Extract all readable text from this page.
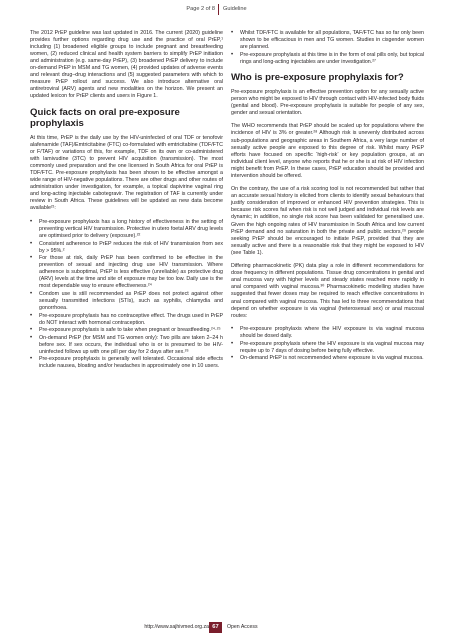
Page 2 of 8 Guideline

The 2012 PrEP guideline was last updated in 2016. The current (2020) guideline provides further options regarding drug use and the practice of oral PrEP,¹ including (1) broadened eligible groups to include pregnant and breastfeeding women, (2) reduced clinical and health system barriers to simplify PrEP initiation and administration (e.g. same-day PrEP), (3) broadened PrEP delivery to include on-demand PrEP in MSM and TG women, (4) provided updates of adverse events and relevant drug–drug interactions and (5) suggested parameters with which to measure PrEP rollout and success. We also introduce alternative oral antiretroviral (ARV) agents and new modalities on the horizon. We present an updated lexicon for PrEP clients and users in Figure 1.

Quick facts on oral pre-exposure prophylaxis

At this time, PrEP is the daily use by the HIV-uninfected of oral TDF or tenofovir alafenamide (TAF)/Emtricitabine (FTC) co-formulated with emtricitabine (TDF/FTC or F/TAF) or variations of this, for example, TDF on its own or co-administered with lamivudine (3TC) to prevent HIV acquisition (transmission). The most commonly used preparation and the one licensed in South Africa for oral PrEP is TDF/FTC. Pre-exposure prophylaxis has been shown to be effective amongst a wide range of HIV-negative populations. There are other drugs and other routes of administration under investigation, for example, a topical dapivirine vaginal ring and long-acting injectable cabotegravir. The registration of TAF is currently under review in South Africa. These guidelines will be updated as new data become available²¹:

• Pre-exposure prophylaxis has a long history of effectiveness in the setting of preventing vertical HIV transmission. Protective in utero foetal ARV drug levels are optimised prior to delivery (exposure).²²
• Consistent adherence to PrEP reduces the risk of HIV transmission from sex by > 95%.²
• For those at risk, daily PrEP has been confirmed to be effective in the prevention of sexual and injecting drug use HIV transmission. Where adherence is suboptimal, PrEP is less effective (unreliable) as protective drug (ARV) levels at the time and site of exposure may be too low. Daily use is the most dependable way to ensure effectiveness.²⁴
• Condom use is still recommended as PrEP does not protect against other sexually transmitted infections (STIs), such as syphilis, chlamydia and gonorrhoea.
• Pre-exposure prophylaxis has no contraceptive effect. The drugs used in PrEP do NOT interact with hormonal contraception.
• Pre-exposure prophylaxis is safe to take when pregnant or breastfeeding.²⁴·²⁵
• On-demand PrEP (for MSM and TG women only): Two pills are taken 2–24 h before sex. If sex occurs, the individual who is or is presumed to be HIV-uninfected follows up with one pill per day for 2 days after sex.²⁶
• Pre-exposure prophylaxis is generally well tolerated. Occasional side effects include nausea, bloating and/or headaches in approximately one in 10 users.
• Whilst TDF/FTC is available for all populations, TAF/FTC has so far only been shown to be efficacious in men and TG women. Studies in cisgender women are planned.
• Pre-exposure prophylaxis at this time is in the form of oral pills only, but topical rings and long-acting injectables are under investigation.²⁷
Who is pre-exposure prophylaxis for?

Pre-exposure prophylaxis is an effective prevention option for any sexually active person who might be exposed to HIV through contact with HIV-infected body fluids (genital and blood). Pre-exposure prophylaxis is suitable for people of any sex, gender and sexual orientation.

The WHO recommends that PrEP should be scaled up for populations where the incidence of HIV is 3% or greater.²⁸ Although risk is unevenly distributed across sub-populations and geographic areas in Southern Africa, a very large number of sexually active people are exposed to this degree of risk. Whilst many PrEP efforts have focused on specific ‘high-risk’ or key population groups, at an individual client level, anyone who reports that he or she is at risk of HIV infection might benefit from PrEP. In these cases, PrEP education should be provided and intervention should be offered.

On the contrary, the use of a risk scoring tool is not recommended but rather that an accurate sexual history is elicited from clients to identify sexual behaviours that justify consideration of improved or enhanced HIV prevention strategies. This is because risk scores fail when risk is not well judged and individual risk levels are dynamic; in addition, no single risk score has been validated for generalised use. Given the high ongoing rates of HIV transmission in South Africa and low current PrEP demand and no saturation in both the private and public sectors,²⁹ people seeking PrEP should be encouraged to initiate PrEP, provided that they are sexually active and there is a reasonable risk that they might be exposed to HIV (see Table 1).

Differing pharmacokinetic (PK) data play a role in different recommendations for dose frequency in different populations. Tissue drug concentrations in genital and anal mucosa vary with higher levels and steady states reached more rapidly in anal compared with vaginal mucosa.³⁰ Pharmacokinetic modelling studies have suggested that fewer doses may be required to reach effective concentrations in anal compared with vaginal mucosa. This has led to three recommendations that depend on whether exposure is via vaginal (heterosexual sex) or anal mucosal routes:

• Pre-exposure prophylaxis where the HIV exposure is via vaginal mucosa should be dosed daily.
• Pre-exposure prophylaxis where the HIV exposure is via vaginal mucosa may require up to 7 days of dosing before being fully effective.
• On-demand PrEP is not recommended where exposure is via vaginal mucosa.
http://www.sajhivmed.org.za 67	Open Access
